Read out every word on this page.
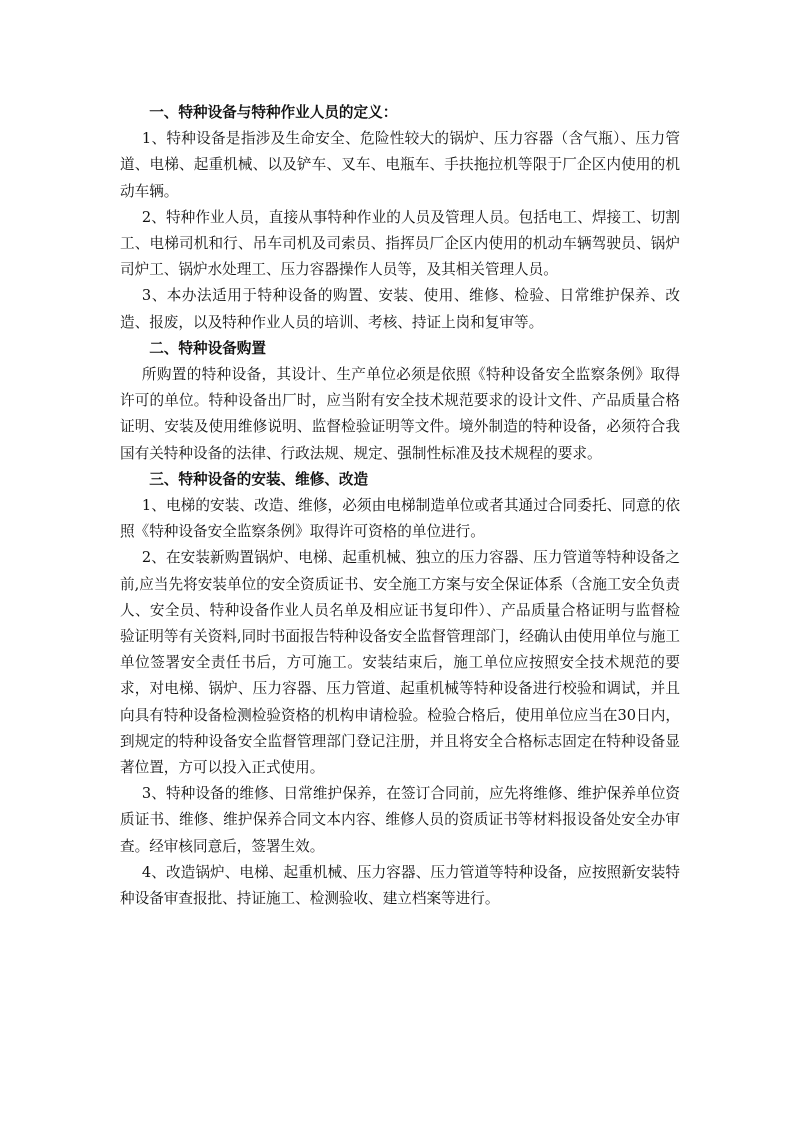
一、特种设备与特种作业人员的定义：

1、特种设备是指涉及生命安全、危险性较大的锅炉、压力容器（含气瓶）、压力管道、电梯、起重机械、以及铲车、叉车、电瓶车、手扶拖拉机等限于厂企区内使用的机动车辆。

2、特种作业人员，直接从事特种作业的人员及管理人员。包括电工、焊接工、切割工、电梯司机和行、吊车司机及司索员、指挥员厂企区内使用的机动车辆驾驶员、锅炉司炉工、锅炉水处理工、压力容器操作人员等，及其相关管理人员。

3、本办法适用于特种设备的购置、安装、使用、维修、检验、日常维护保养、改造、报废，以及特种作业人员的培训、考核、持证上岗和复审等。

二、特种设备购置

所购置的特种设备，其设计、生产单位必须是依照《特种设备安全监察条例》取得许可的单位。特种设备出厂时，应当附有安全技术规范要求的设计文件、产品质量合格证明、安装及使用维修说明、监督检验证明等文件。境外制造的特种设备，必须符合我国有关特种设备的法律、行政法规、规定、强制性标准及技术规程的要求。

三、特种设备的安装、维修、改造

1、电梯的安装、改造、维修，必须由电梯制造单位或者其通过合同委托、同意的依照《特种设备安全监察条例》取得许可资格的单位进行。

2、在安装新购置锅炉、电梯、起重机械、独立的压力容器、压力管道等特种设备之前,应当先将安装单位的安全资质证书、安全施工方案与安全保证体系（含施工安全负责人、安全员、特种设备作业人员名单及相应证书复印件）、产品质量合格证明与监督检验证明等有关资料,同时书面报告特种设备安全监督管理部门，经确认由使用单位与施工单位签署安全责任书后，方可施工。安装结束后，施工单位应按照安全技术规范的要求，对电梯、锅炉、压力容器、压力管道、起重机械等特种设备进行校验和调试，并且向具有特种设备检测检验资格的机构申请检验。检验合格后，使用单位应当在30日内，到规定的特种设备安全监督管理部门登记注册，并且将安全合格标志固定在特种设备显著位置，方可以投入正式使用。

3、特种设备的维修、日常维护保养，在签订合同前，应先将维修、维护保养单位资质证书、维修、维护保养合同文本内容、维修人员的资质证书等材料报设备处安全办审查。经审核同意后，签署生效。

4、改造锅炉、电梯、起重机械、压力容器、压力管道等特种设备，应按照新安装特种设备审查报批、持证施工、检测验收、建立档案等进行。
